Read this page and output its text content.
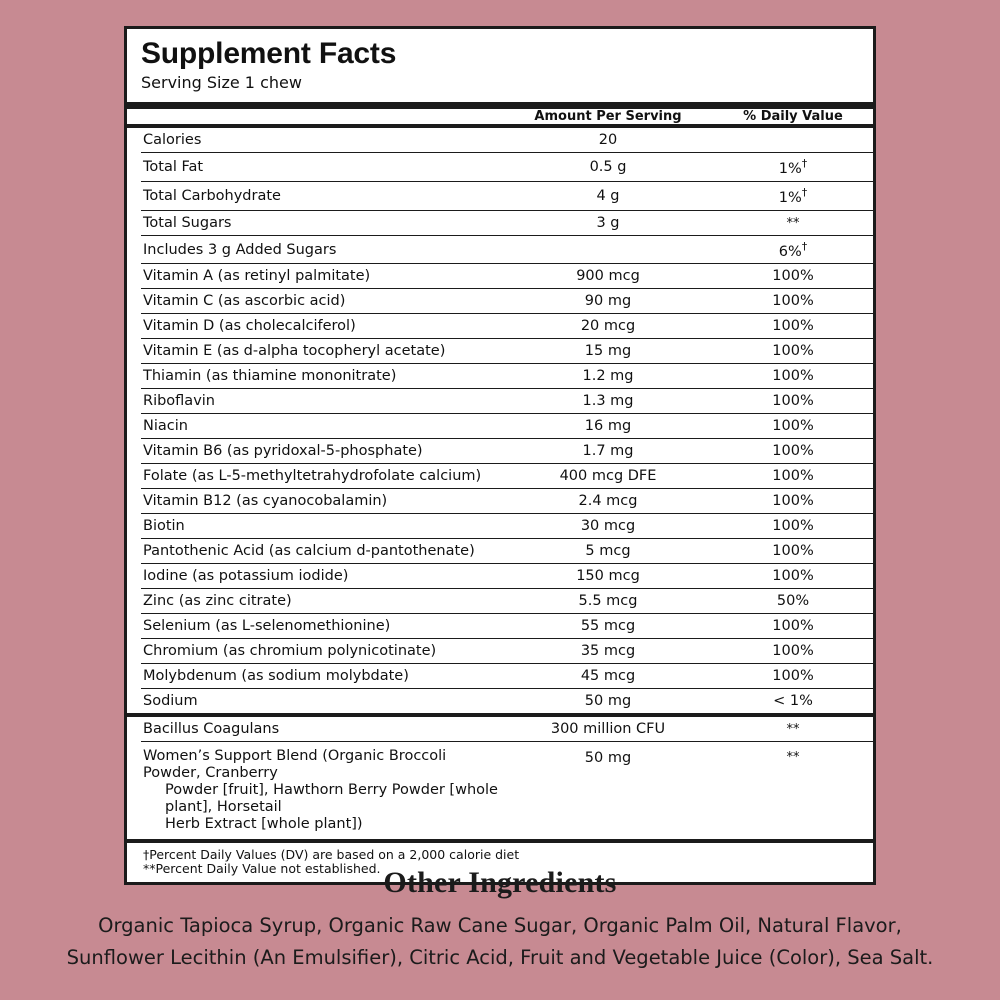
Supplement Facts
Serving Size 1 chew
	Amount Per Serving	% Daily Value
Calories	20	

Total Fat	0.5 g	1%†

Total Carbohydrate	4 g	1%†

Total Sugars	3 g	**

Includes 3 g Added Sugars		6%†

Vitamin A (as retinyl palmitate)	900 mcg	100%

Vitamin C (as ascorbic acid)	90 mg	100%

Vitamin D (as cholecalciferol)	20 mcg	100%

Vitamin E (as d-alpha tocopheryl acetate)	15 mg	100%

Thiamin (as thiamine mononitrate)	1.2 mg	100%

Riboflavin	1.3 mg	100%

Niacin	16 mg	100%

Vitamin B6 (as pyridoxal-5-phosphate)	1.7 mg	100%

Folate (as L-5-methyltetrahydrofolate calcium)	400 mcg DFE	100%

Vitamin B12 (as cyanocobalamin)	2.4 mcg	100%

Biotin	30 mcg	100%

Pantothenic Acid (as calcium d-pantothenate)	5 mcg	100%

Iodine (as potassium iodide)	150 mcg	100%

Zinc (as zinc citrate)	5.5 mcg	50%

Selenium (as L-selenomethionine)	55 mcg	100%

Chromium (as chromium polynicotinate)	35 mcg	100%

Molybdenum (as sodium molybdate)	45 mcg	100%

Sodium	50 mg	< 1%
Bacillus Coagulans	300 million CFU	**

Women’s Support Blend (Organic Broccoli Powder, Cranberry
Powder [fruit], Hawthorn Berry Powder [whole plant], Horsetail
Herb Extract [whole plant])	50 mg	**
†Percent Daily Values (DV) are based on a 2,000 calorie diet
**Percent Daily Value not established. Other Ingredients
Organic Tapioca Syrup, Organic Raw Cane Sugar, Organic Palm Oil, Natural Flavor,
Sunflower Lecithin (An Emulsifier), Citric Acid, Fruit and Vegetable Juice (Color), Sea Salt.
